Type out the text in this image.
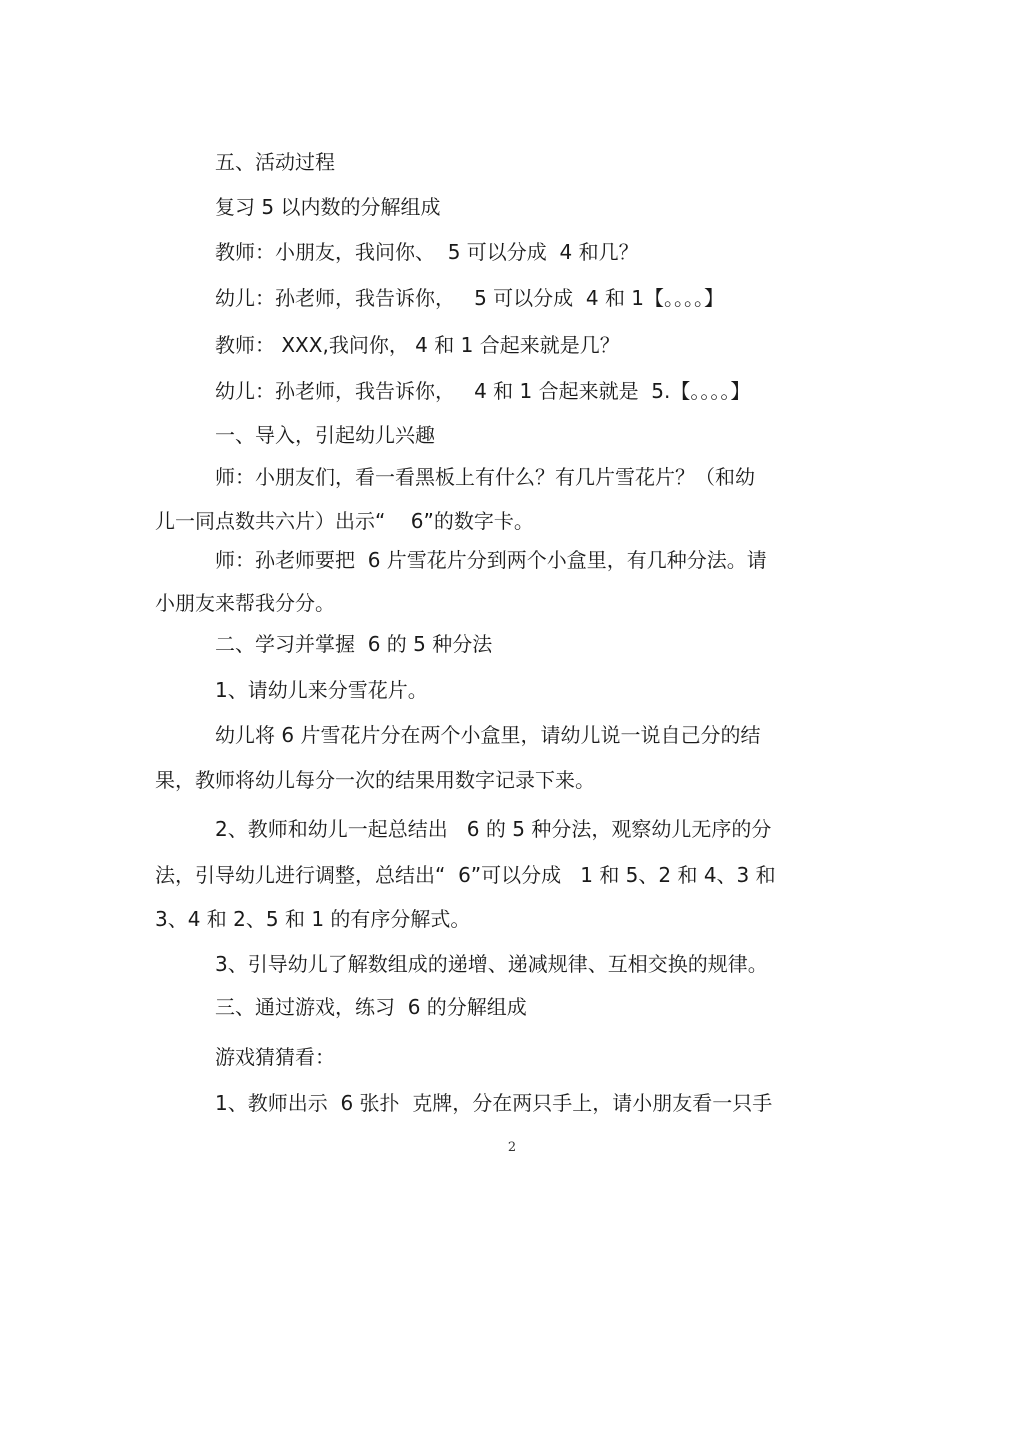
五、活动过程
复习 5 以内数的分解组成
教师：小朋友，我问你、  5 可以分成  4 和几？
幼儿：孙老师，我告诉你，   5 可以分成  4 和 1【。。。。】
教师： XXX,我问你， 4 和 1 合起来就是几？
幼儿：孙老师，我告诉你，   4 和 1 合起来就是  5.【。。。。】
一、导入，引起幼儿兴趣
师：小朋友们，看一看黑板上有什么？有几片雪花片？（和幼
儿一同点数共六片）出示“    6”的数字卡。
师：孙老师要把  6 片雪花片分到两个小盒里，有几种分法。请
小朋友来帮我分分。
二、学习并掌握  6 的 5 种分法
1、请幼儿来分雪花片。
幼儿将 6 片雪花片分在两个小盒里，请幼儿说一说自己分的结
果，教师将幼儿每分一次的结果用数字记录下来。
2、教师和幼儿一起总结出   6 的 5 种分法，观察幼儿无序的分
法，引导幼儿进行调整，总结出“  6”可以分成   1 和 5、2 和 4、3 和
3、4 和 2、5 和 1 的有序分解式。
3、引导幼儿了解数组成的递增、递减规律、互相交换的规律。
三、通过游戏，练习  6 的分解组成
游戏猜猜看：
1、教师出示  6 张扑  克牌，分在两只手上，请小朋友看一只手
2
